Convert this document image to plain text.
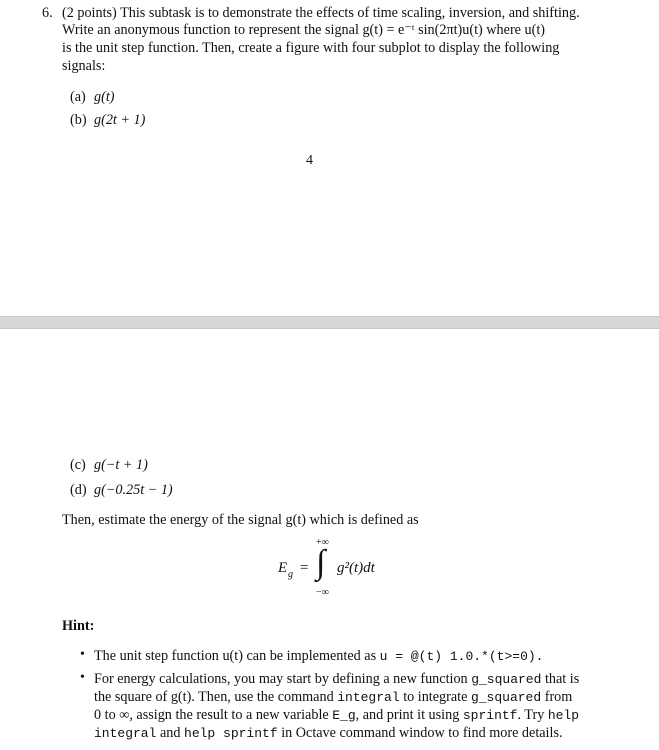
6. (2 points) This subtask is to demonstrate the effects of time scaling, inversion, and shifting.
Write an anonymous function to represent the signal g(t) = e⁻ᵗ sin(2πt)u(t) where u(t)
is the unit step function. Then, create a figure with four subplot to display the following
signals:
(a) g(t)
(b) g(2t + 1)
4
(c) g(−t + 1)
(d) g(−0.25t − 1)
Then, estimate the energy of the signal g(t) which is defined as
E g = ∫
+∞
−∞
g²(t)dt
Hint:
• The unit step function u(t) can be implemented as u = @(t) 1.0.*(t>=0).
• For energy calculations, you may start by defining a new function g_squared that is
the square of g(t). Then, use the command integral to integrate g_squared from
0 to ∞, assign the result to a new variable E_g, and print it using sprintf. Try help
integral and help sprintf in Octave command window to find more details.
